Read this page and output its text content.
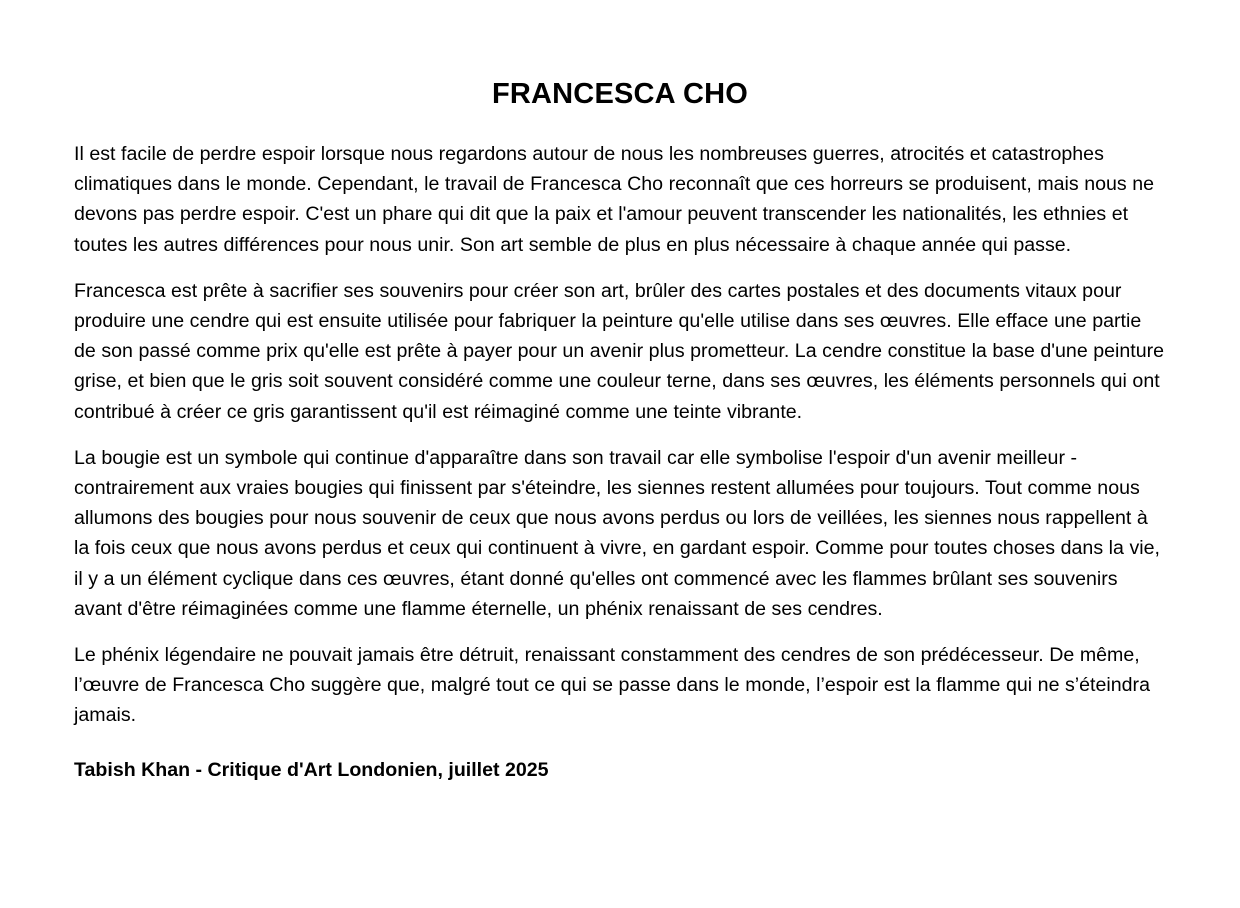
FRANCESCA CHO

Il est facile de perdre espoir lorsque nous regardons autour de nous les nombreuses guerres, atrocités et catastrophes climatiques dans le monde. Cependant, le travail de Francesca Cho reconnaît que ces horreurs se produisent, mais nous ne devons pas perdre espoir. C'est un phare qui dit que la paix et l'amour peuvent transcender les nationalités, les ethnies et toutes les autres différences pour nous unir. Son art semble de plus en plus nécessaire à chaque année qui passe.

Francesca est prête à sacrifier ses souvenirs pour créer son art, brûler des cartes postales et des documents vitaux pour produire une cendre qui est ensuite utilisée pour fabriquer la peinture qu'elle utilise dans ses œuvres. Elle efface une partie de son passé comme prix qu'elle est prête à payer pour un avenir plus prometteur. La cendre constitue la base d'une peinture grise, et bien que le gris soit souvent considéré comme une couleur terne, dans ses œuvres, les éléments personnels qui ont contribué à créer ce gris garantissent qu'il est réimaginé comme une teinte vibrante.

La bougie est un symbole qui continue d'apparaître dans son travail car elle symbolise l'espoir d'un avenir meilleur - contrairement aux vraies bougies qui finissent par s'éteindre, les siennes restent allumées pour toujours. Tout comme nous allumons des bougies pour nous souvenir de ceux que nous avons perdus ou lors de veillées, les siennes nous rappellent à la fois ceux que nous avons perdus et ceux qui continuent à vivre, en gardant espoir. Comme pour toutes choses dans la vie, il y a un élément cyclique dans ces œuvres, étant donné qu'elles ont commencé avec les flammes brûlant ses souvenirs avant d'être réimaginées comme une flamme éternelle, un phénix renaissant de ses cendres.

Le phénix légendaire ne pouvait jamais être détruit, renaissant constamment des cendres de son prédécesseur. De même, l’œuvre de Francesca Cho suggère que, malgré tout ce qui se passe dans le monde, l’espoir est la flamme qui ne s’éteindra jamais.

Tabish Khan - Critique d'Art Londonien, juillet 2025
